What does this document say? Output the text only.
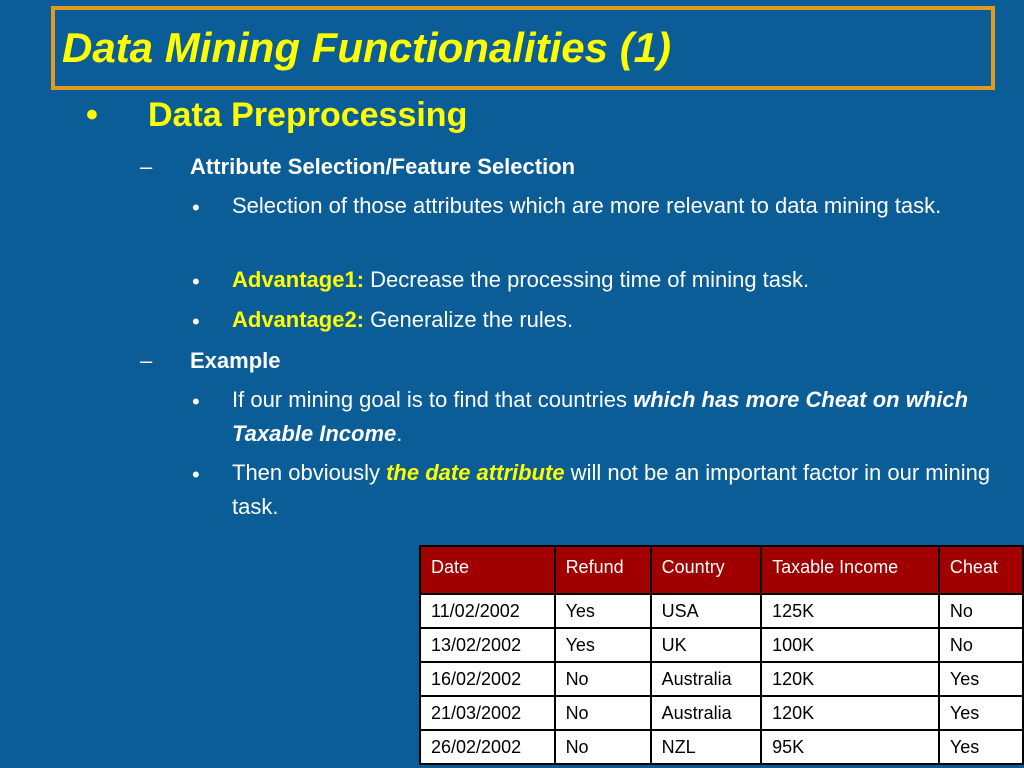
Data Mining Functionalities (1)
• Data Preprocessing
– Attribute Selection/Feature Selection
• Selection of those attributes which are more relevant to data mining task.
• Advantage1: Decrease the processing time of mining task.
• Advantage2: Generalize the rules.
– Example
• If our mining goal is to find that countries which has more Cheat on which Taxable Income.
• Then obviously the date attribute will not be an important factor in our mining task.
Date	Refund	Country	Taxable Income	Cheat
11/02/2002	Yes	USA	125K	No
13/02/2002	Yes	UK	100K	No
16/02/2002	No	Australia	120K	Yes
21/03/2002	No	Australia	120K	Yes
26/02/2002	No	NZL	95K	Yes
